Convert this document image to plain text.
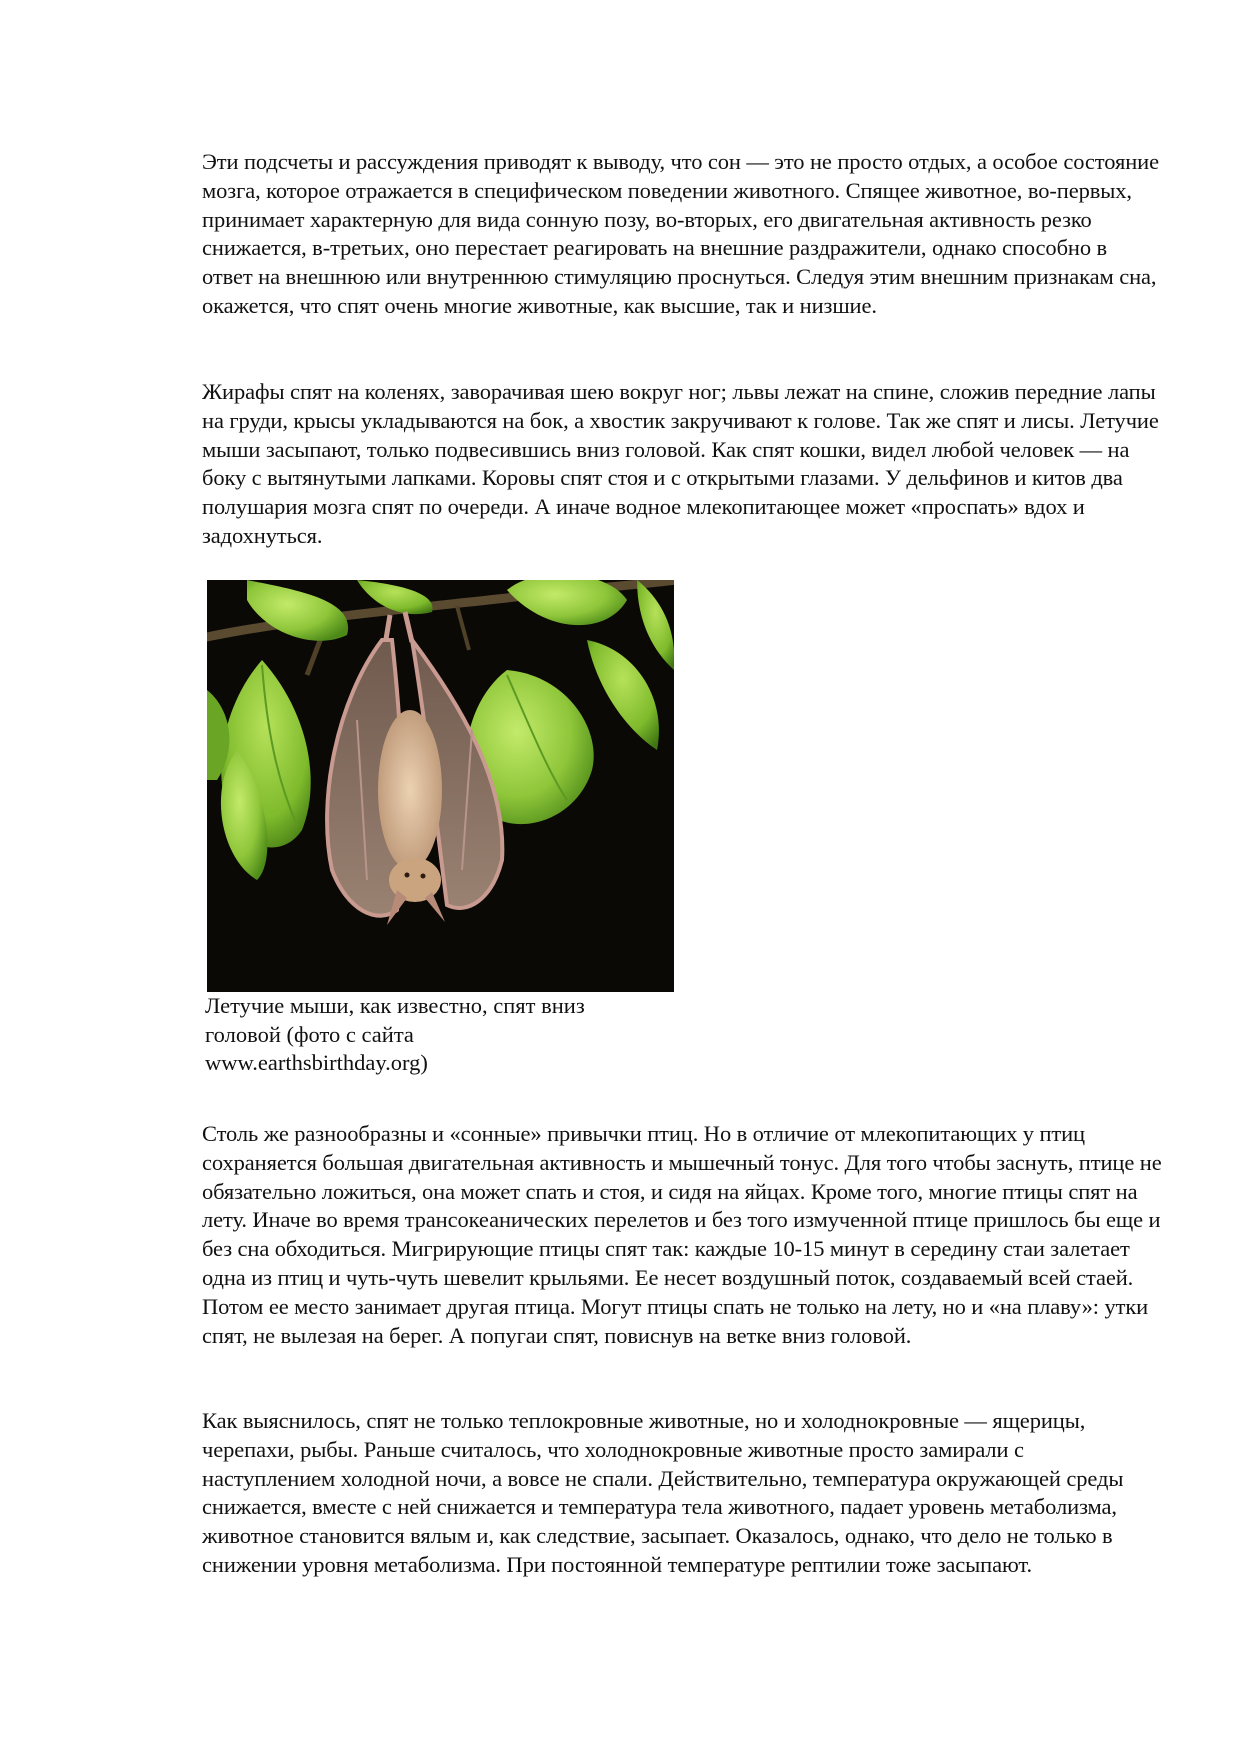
Эти подсчеты и рассуждения приводят к выводу, что сон — это не просто отдых, а особое состояние мозга, которое отражается в специфическом поведении животного. Спящее животное, во-первых, принимает характерную для вида сонную позу, во-вторых, его двигательная активность резко снижается, в-третьих, оно перестает реагировать на внешние раздражители, однако способно в ответ на внешнюю или внутреннюю стимуляцию проснуться. Следуя этим внешним признакам сна, окажется, что спят очень многие животные, как высшие, так и низшие.

Жирафы спят на коленях, заворачивая шею вокруг ног; львы лежат на спине, сложив передние лапы на груди, крысы укладываются на бок, а хвостик закручивают к голове. Так же спят и лисы. Летучие мыши засыпают, только подвесившись вниз головой. Как спят кошки, видел любой человек — на боку с вытянутыми лапками. Коровы спят стоя и с открытыми глазами. У дельфинов и китов два полушария мозга спят по очереди. А иначе водное млекопитающее может «проспать» вдох и задохнуться.

Летучие мыши, как известно, спят вниз
головой (фото с сайта
www.earthsbirthday.org)

Столь же разнообразны и «сонные» привычки птиц. Но в отличие от млекопитающих у птиц сохраняется большая двигательная активность и мышечный тонус. Для того чтобы заснуть, птице не обязательно ложиться, она может спать и стоя, и сидя на яйцах. Кроме того, многие птицы спят на лету. Иначе во время трансокеанических перелетов и без того измученной птице пришлось бы еще и без сна обходиться. Мигрирующие птицы спят так: каждые 10-15 минут в середину стаи залетает одна из птиц и чуть-чуть шевелит крыльями. Ее несет воздушный поток, создаваемый всей стаей. Потом ее место занимает другая птица. Могут птицы спать не только на лету, но и «на плаву»: утки спят, не вылезая на берег. А попугаи спят, повиснув на ветке вниз головой.

Как выяснилось, спят не только теплокровные животные, но и холоднокровные — ящерицы, черепахи, рыбы. Раньше считалось, что холоднокровные животные просто замирали с наступлением холодной ночи, а вовсе не спали. Действительно, температура окружающей среды снижается, вместе с ней снижается и температура тела животного, падает уровень метаболизма, животное становится вялым и, как следствие, засыпает. Оказалось, однако, что дело не только в снижении уровня метаболизма. При постоянной температуре рептилии тоже засыпают.
